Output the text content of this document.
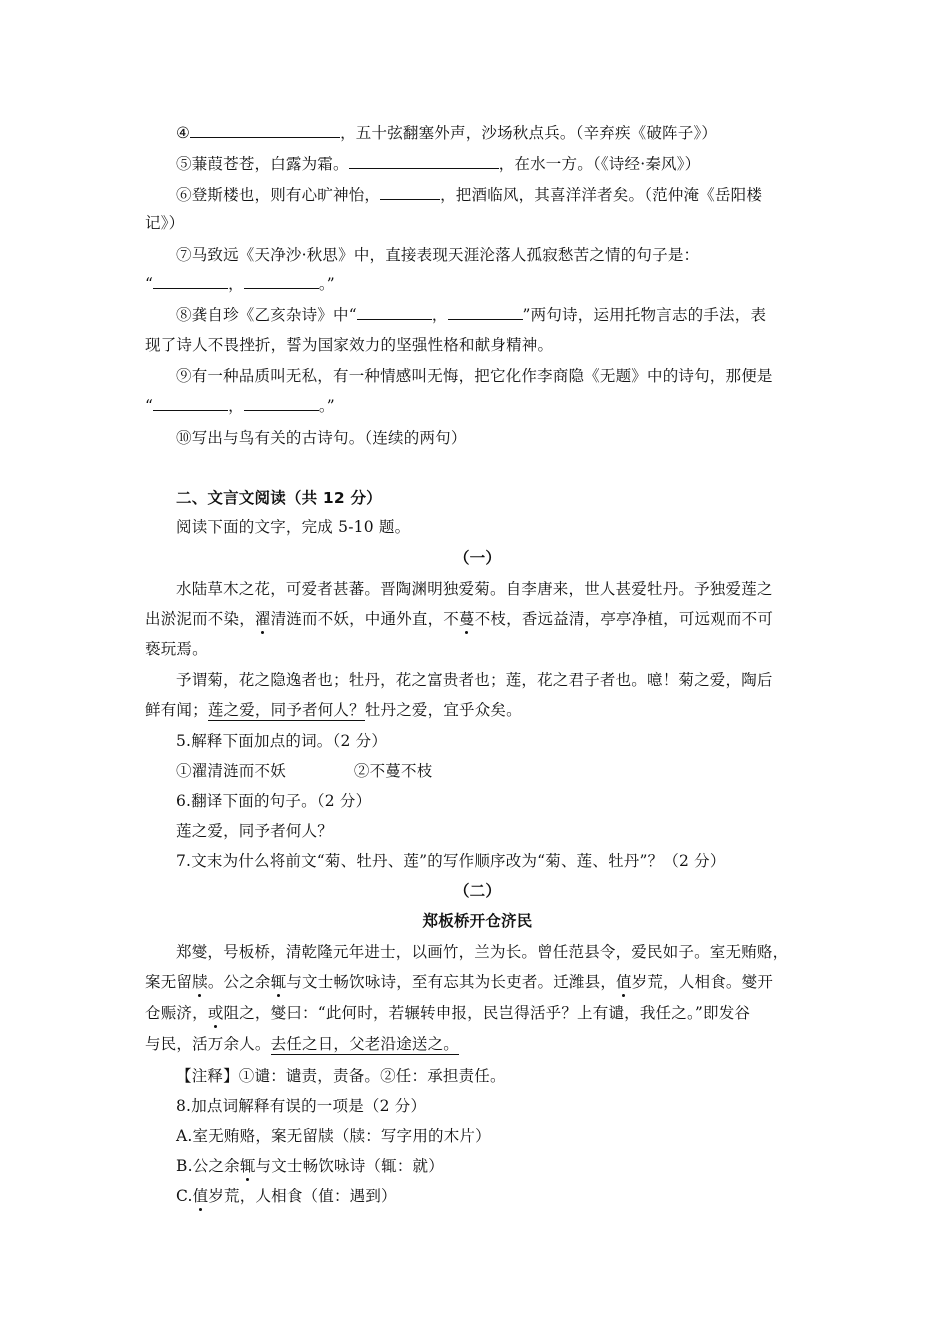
④	，五十弦翻塞外声，沙场秋点兵。（辛弃疾《破阵子》）
⑤蒹葭苍苍，白露为霜。	，在水一方。（《诗经·秦风》）
⑥登斯楼也，则有心旷神怡，	，把酒临风，其喜洋洋者矣。（范仲淹《岳阳楼
记》）
⑦马致远《天净沙·秋思》中，直接表现天涯沦落人孤寂愁苦之情的句子是：
“	，	。”
⑧龚自珍《乙亥杂诗》中“	，	”两句诗，运用托物言志的手法，表
现了诗人不畏挫折，誓为国家效力的坚强性格和献身精神。
⑨有一种品质叫无私，有一种情感叫无悔，把它化作李商隐《无题》中的诗句，那便是
“	，	。”
⑩写出与鸟有关的古诗句。（连续的两句）
二、文言文阅读（共 12 分）
阅读下面的文字，完成 5-10 题。
（一）
水陆草木之花，可爱者甚蕃。晋陶渊明独爱菊。自李唐来，世人甚爱牡丹。予独爱莲之
出淤泥而不染，濯清涟而不妖，中通外直，不蔓不枝，香远益清，亭亭净植，可远观而不可
亵玩焉。
予谓菊，花之隐逸者也；牡丹，花之富贵者也；莲，花之君子者也。噫！菊之爱，陶后
鲜有闻；莲之爱，同予者何人？牡丹之爱，宜乎众矣。
5.解释下面加点的词。（2 分）
①濯清涟而不妖	②不蔓不枝
6.翻译下面的句子。（2 分）
莲之爱，同予者何人？
7.文末为什么将前文“菊、牡丹、莲”的写作顺序改为“菊、莲、牡丹”？（2 分）
（二）
郑板桥开仓济民
郑燮，号板桥，清乾隆元年进士，以画竹，兰为长。曾任范县令，爱民如子。室无贿赂，
案无留牍。公之余辄与文士畅饮咏诗，至有忘其为长吏者。迁潍县，值岁荒，人相食。燮开
仓赈济，或阻之，燮曰：“此何时，若辗转申报，民岂得活乎？上有谴，我任之。”即发谷
与民，活万余人。去任之日，父老沿途送之。
【注释】①谴：谴责，责备。②任：承担责任。
8.加点词解释有误的一项是（2 分）
A.室无贿赂，案无留牍（牍：写字用的木片）
B.公之余辄与文士畅饮咏诗（辄：就）
C.值岁荒，人相食（值：遇到）
